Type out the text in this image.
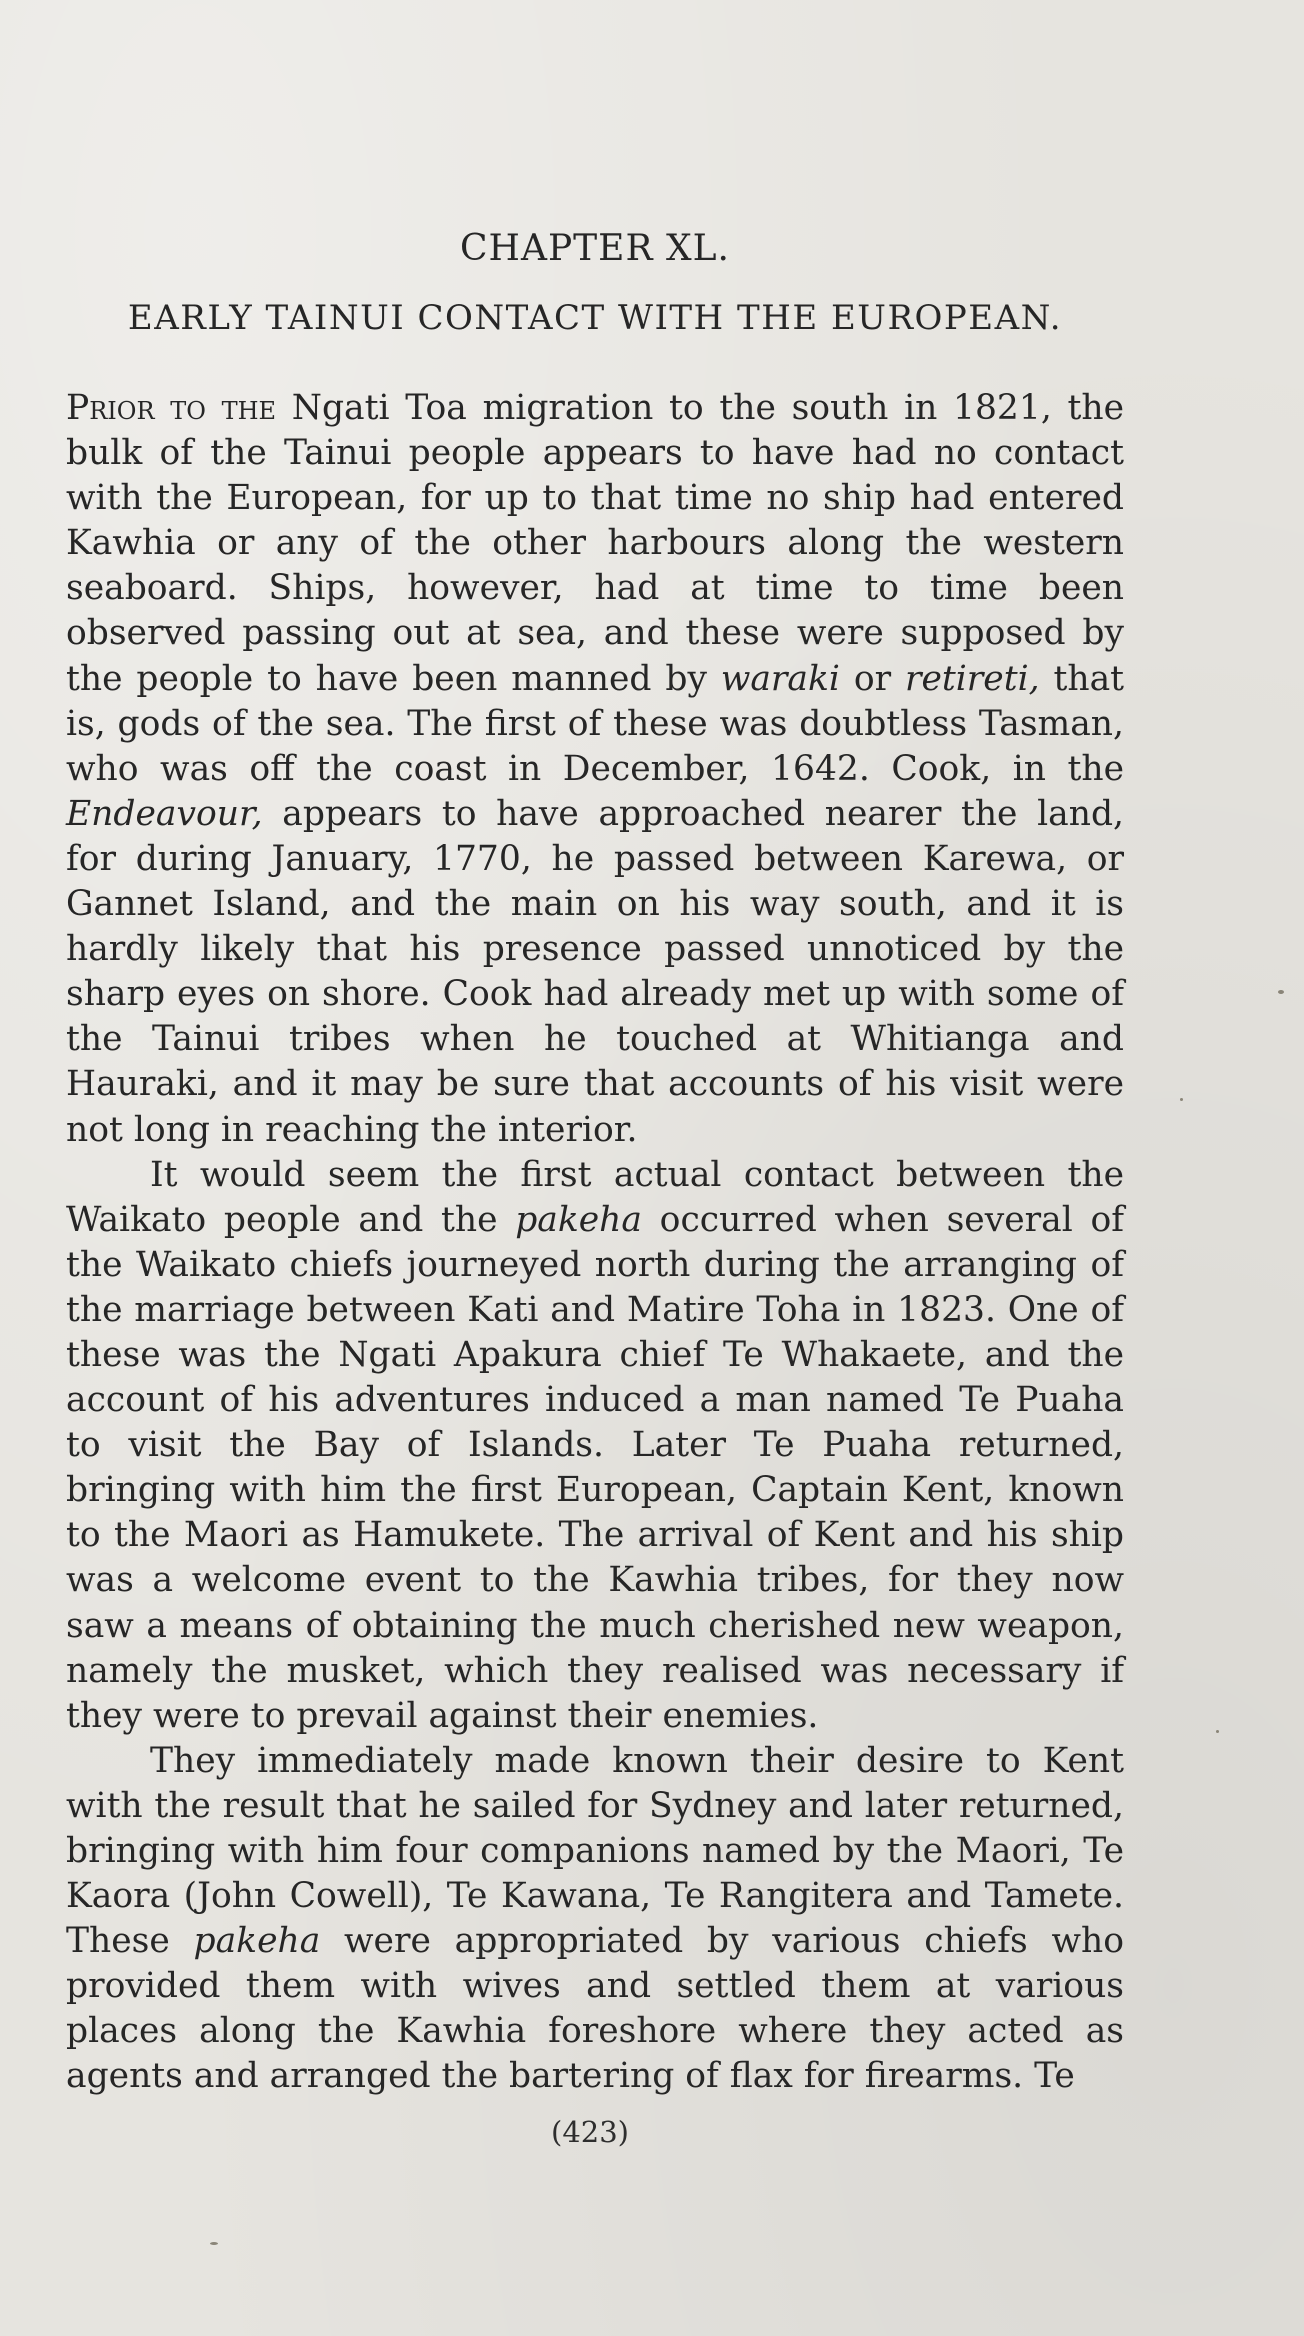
CHAPTER XL.
EARLY TAINUI CONTACT WITH THE EUROPEAN.

Prior to the Ngati Toa migration to the south in 1821, the bulk of the Tainui people appears to have had no contact with the European, for up to that time no ship had entered Kawhia or any of the other harbours along the western seaboard. Ships, however, had at time to time been observed passing out at sea, and these were supposed by the people to have been manned by waraki or retireti, that is, gods of the sea. The first of these was doubtless Tasman, who was off the coast in December, 1642. Cook, in the Endeavour, appears to have approached nearer the land, for during January, 1770, he passed between Karewa, or Gannet Island, and the main on his way south, and it is hardly likely that his presence passed unnoticed by the sharp eyes on shore. Cook had already met up with some of the Tainui tribes when he touched at Whitianga and Hauraki, and it may be sure that accounts of his visit were not long in reaching the interior.

It would seem the first actual contact between the Waikato people and the pakeha occurred when several of the Waikato chiefs journeyed north during the arranging of the marriage between Kati and Matire Toha in 1823. One of these was the Ngati Apakura chief Te Whakaete, and the account of his adventures induced a man named Te Puaha to visit the Bay of Islands. Later Te Puaha returned, bringing with him the first European, Captain Kent, known to the Maori as Hamukete. The arrival of Kent and his ship was a welcome event to the Kawhia tribes, for they now saw a means of obtaining the much cherished new weapon, namely the musket, which they realised was necessary if they were to prevail against their enemies.

They immediately made known their desire to Kent with the result that he sailed for Sydney and later returned, bringing with him four companions named by the Maori, Te Kaora (John Cowell), Te Kawana, Te Rangitera and Tamete. These pakeha were appropriated by various chiefs who provided them with wives and settled them at various places along the Kawhia foreshore where they acted as agents and arranged the bartering of flax for firearms. Te

(423)
